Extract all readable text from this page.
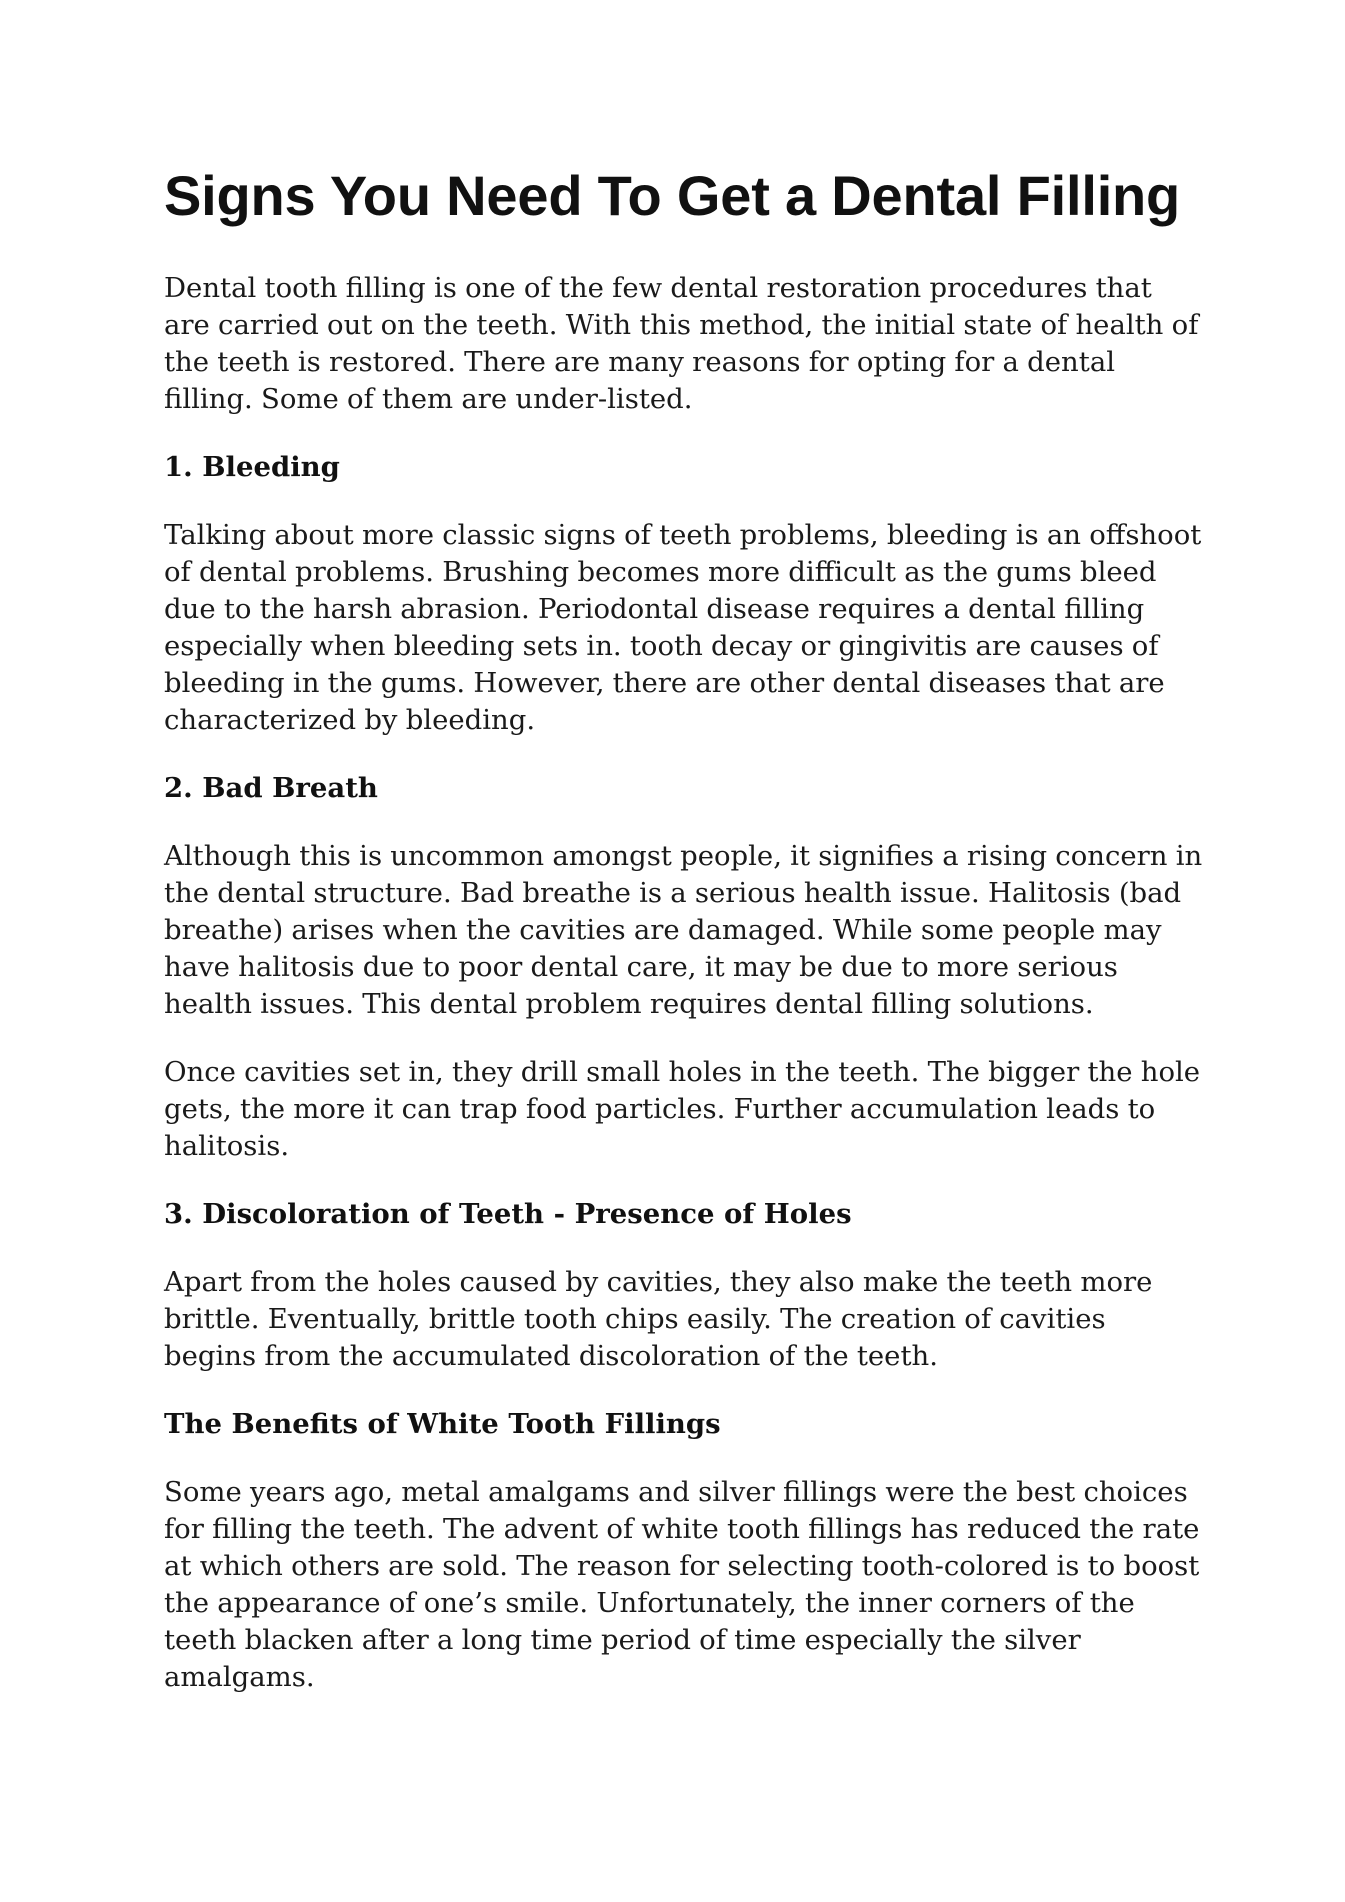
Signs You Need To Get a Dental Filling

Dental tooth filling is one of the few dental restoration procedures that are carried out on the teeth. With this method, the initial state of health of the teeth is restored. There are many reasons for opting for a dental filling. Some of them are under-listed.

1. Bleeding

Talking about more classic signs of teeth problems, bleeding is an offshoot of dental problems. Brushing becomes more difficult as the gums bleed due to the harsh abrasion. Periodontal disease requires a dental filling especially when bleeding sets in. tooth decay or gingivitis are causes of bleeding in the gums. However, there are other dental diseases that are characterized by bleeding.

2. Bad Breath

Although this is uncommon amongst people, it signifies a rising concern in the dental structure. Bad breathe is a serious health issue. Halitosis (bad breathe) arises when the cavities are damaged. While some people may have halitosis due to poor dental care, it may be due to more serious health issues. This dental problem requires dental filling solutions.

Once cavities set in, they drill small holes in the teeth. The bigger the hole gets, the more it can trap food particles. Further accumulation leads to halitosis.

3. Discoloration of Teeth - Presence of Holes

Apart from the holes caused by cavities, they also make the teeth more brittle. Eventually, brittle tooth chips easily. The creation of cavities begins from the accumulated discoloration of the teeth.

The Benefits of White Tooth Fillings

Some years ago, metal amalgams and silver fillings were the best choices for filling the teeth. The advent of white tooth fillings has reduced the rate at which others are sold. The reason for selecting tooth-colored is to boost the appearance of one’s smile. Unfortunately, the inner corners of the teeth blacken after a long time period of time especially the silver amalgams.
